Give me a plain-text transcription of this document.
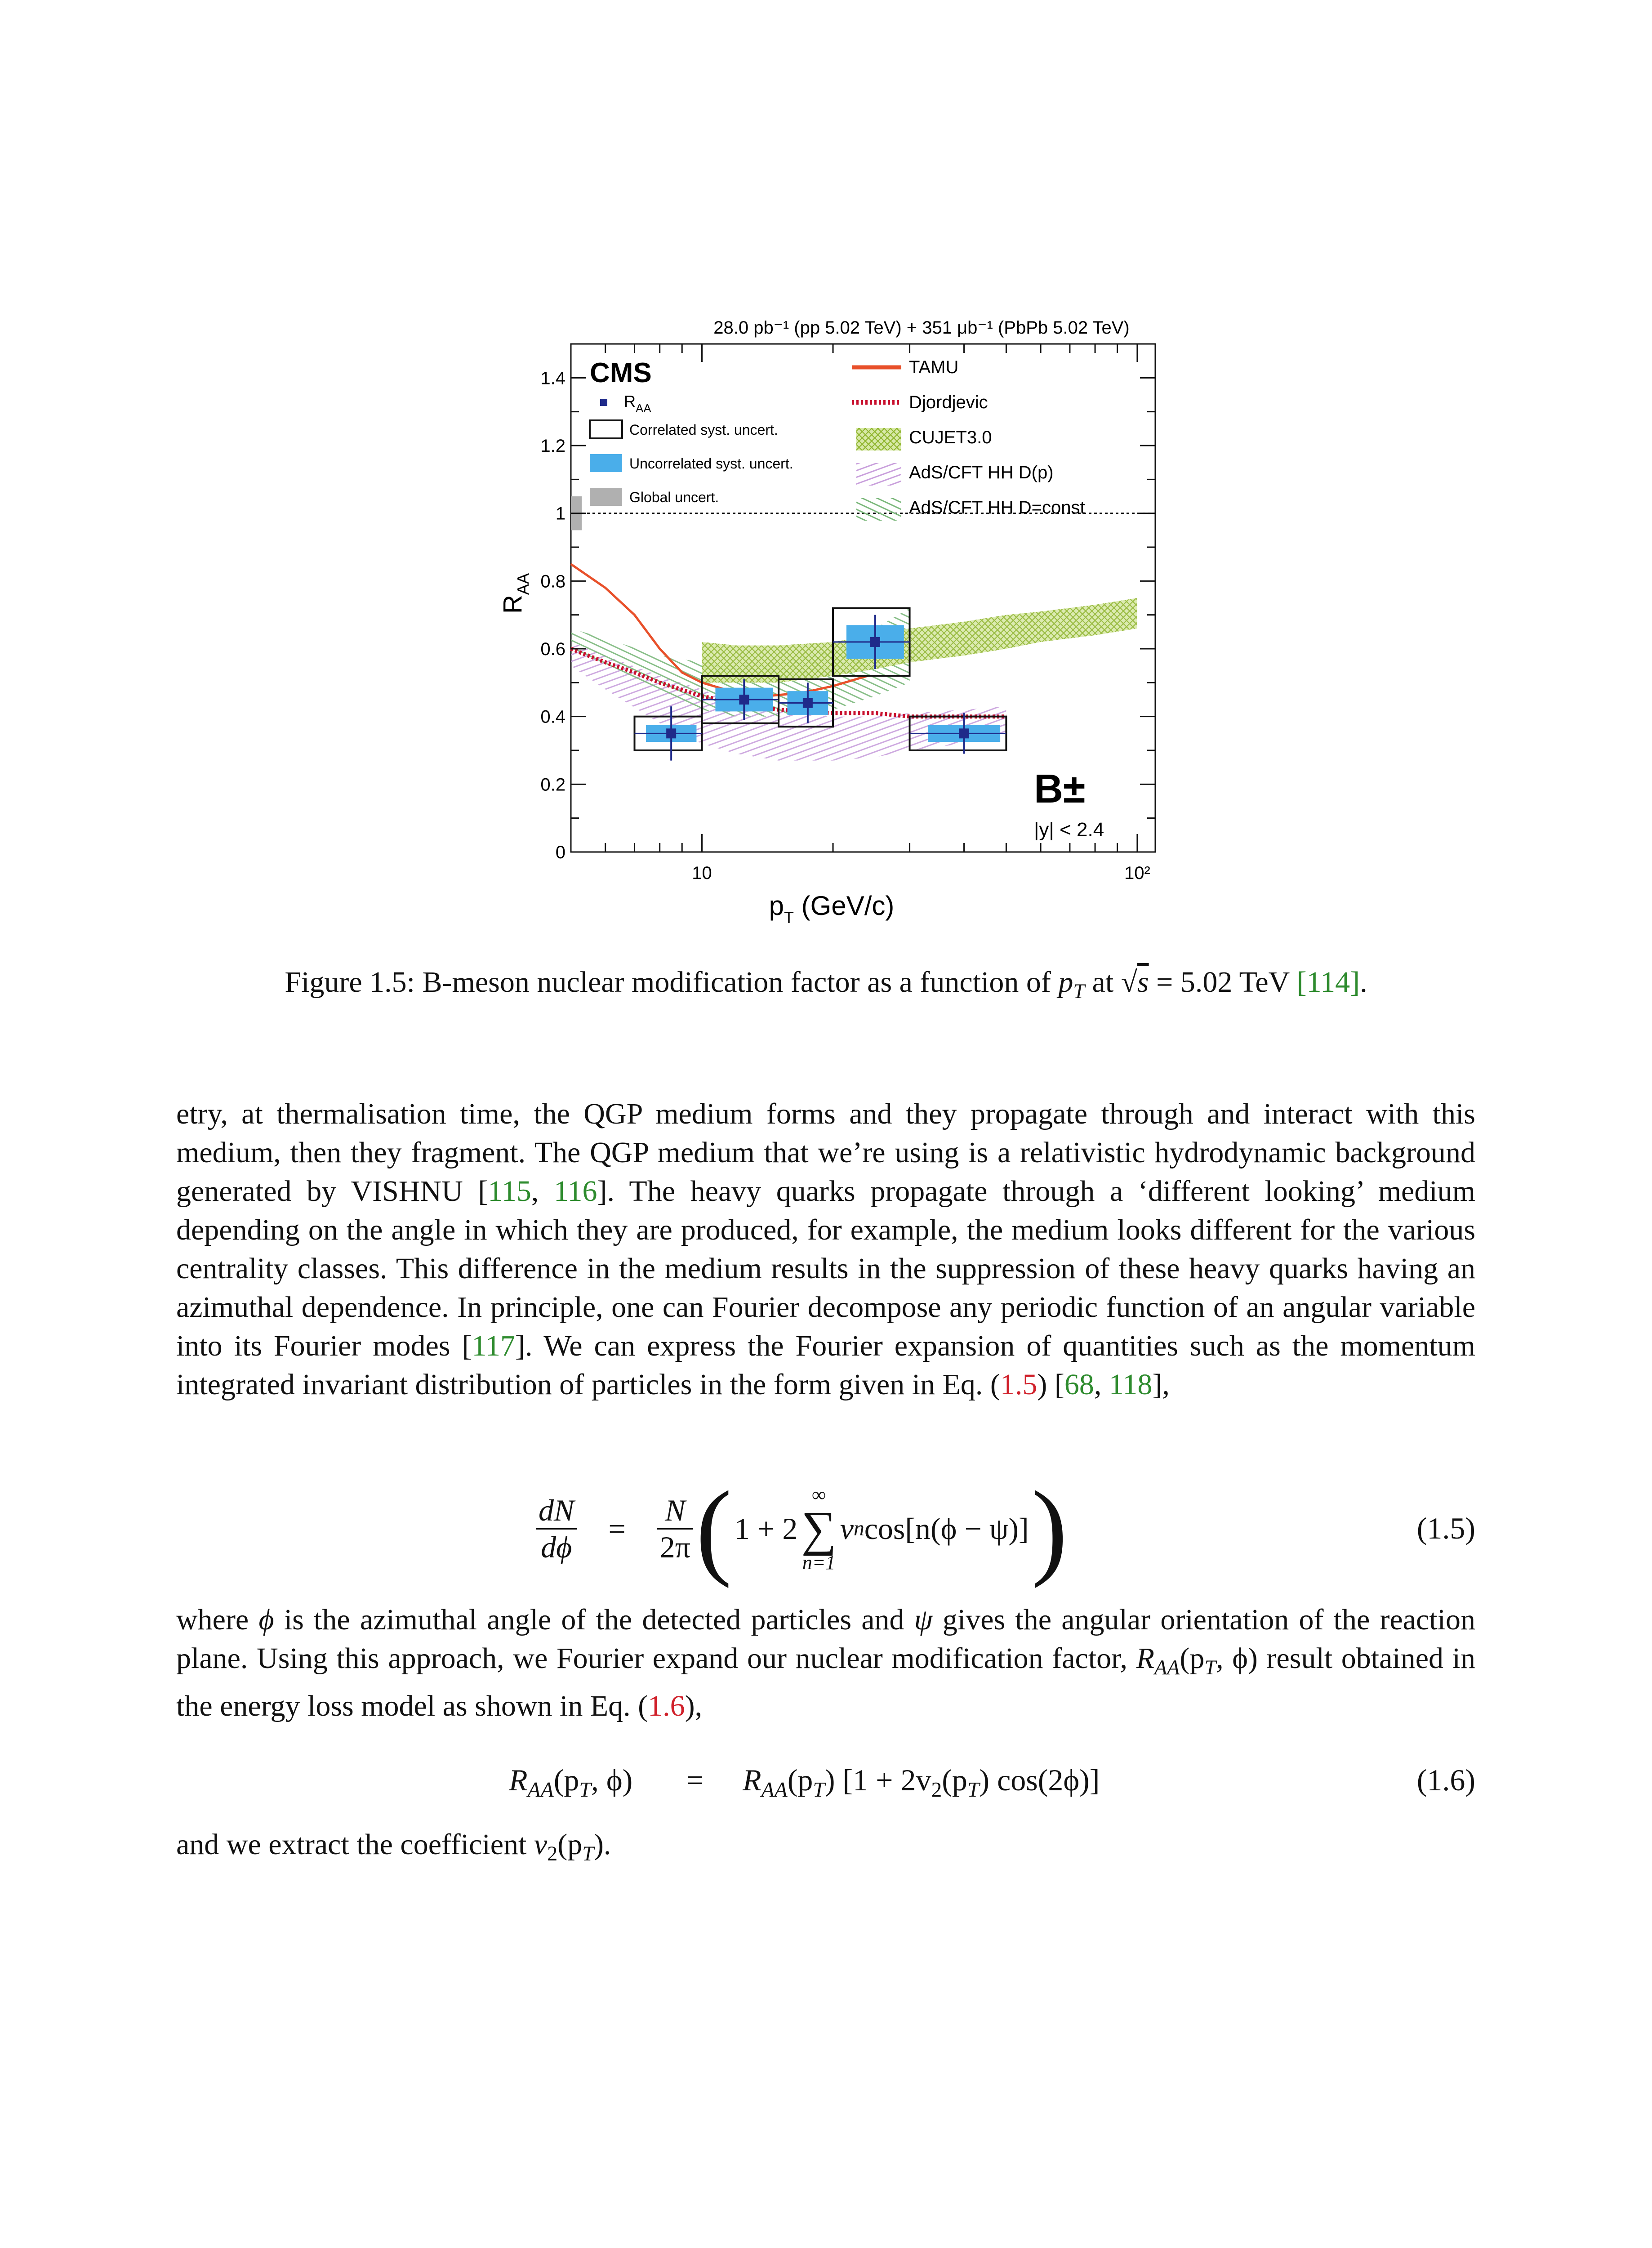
28.0 pb⁻¹ (pp 5.02 TeV) + 351 μb⁻¹ (PbPb 5.02 TeV)
0
0.2
0.4
0.6
0.8
1
1.2
1.4
10	10²
CMS
$R_{AA}$
Correlated syst. uncert.
Uncorrelated syst. uncert.
Global uncert.
TAMU
Djordjevic
CUJET3.0
AdS/CFT HH D(p)
AdS/CFT HH D=const
B±
|y| < 2.4
$p_T$ (GeV/c)
$R_{AA}$
Figure 1.5: B-meson nuclear modification factor as a function of $p_T$ at √s = 5.02 TeV [114].

etry, at thermalisation time, the QGP medium forms and they propagate through and interact with this medium, then they fragment. The QGP medium that we’re using is a relativistic hydrodynamic background generated by VISHNU [115, 116]. The heavy quarks propagate through a ‘different looking’ medium depending on the angle in which they are produced, for example, the medium looks different for the various centrality classes. This difference in the medium results in the suppression of these heavy quarks having an azimuthal dependence. In principle, one can Fourier decompose any periodic function of an angular variable into its Fourier modes [117]. We can express the Fourier expansion of quantities such as the momentum integrated invariant distribution of particles in the form given in Eq. (1.5) [68, 118],

$\frac{dN}{d\phi} = \frac{N}{2\pi}$ ( 1 + 2
∞
∑
n=1
v n cos[n(ϕ − ψ)] )	(1.5)
where ϕ is the azimuthal angle of the detected particles and ψ gives the angular orientation of the reaction plane. Using this approach, we Fourier expand our nuclear modification factor, $R_{AA}(p_T$, ϕ) result obtained in the energy loss model as shown in Eq. (1.6),
$R_{AA}(p_T$, $\phi) = R_{AA}(p_T) [1 + 2v_2(p_T)$ cos(2ϕ)]	(1.6)
and we extract the coefficient $v_2(p_T)$.
